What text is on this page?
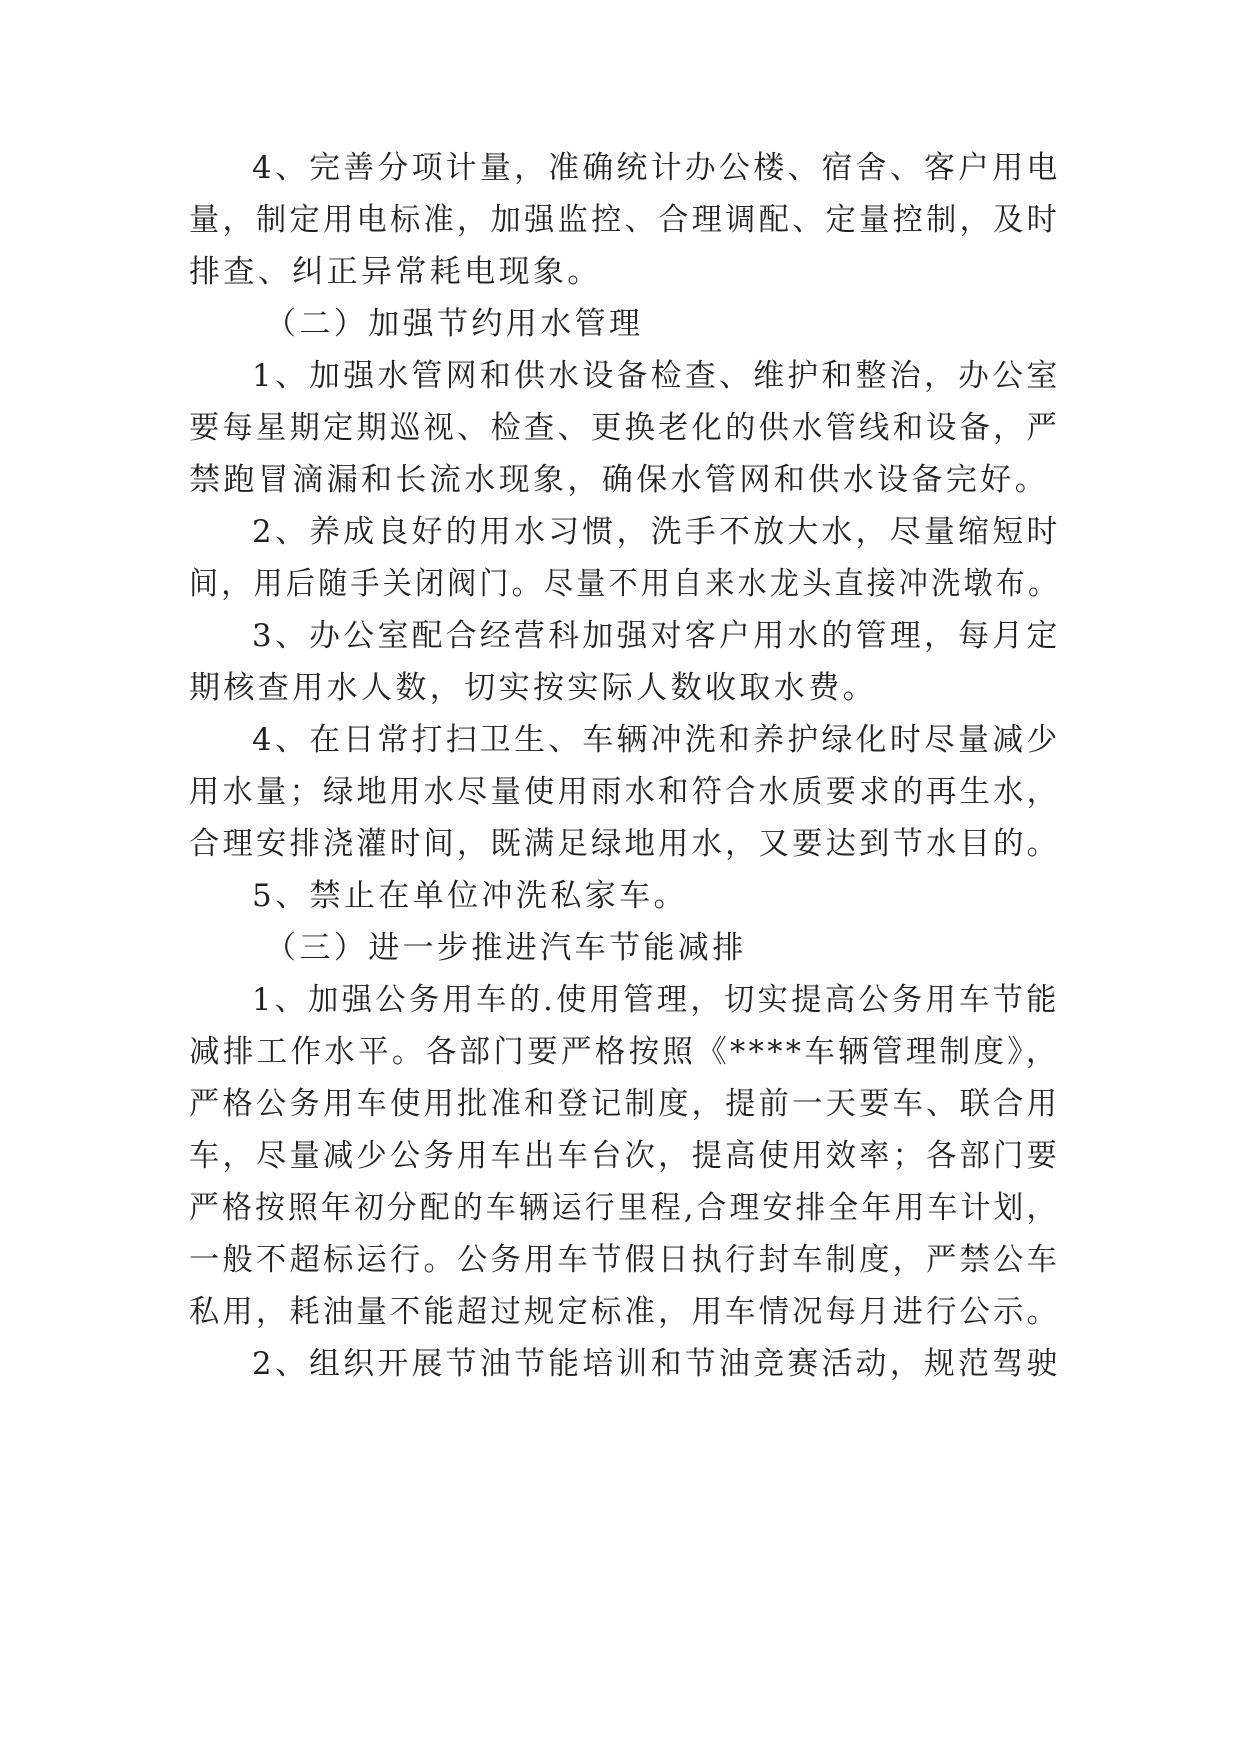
4、完善分项计量，准确统计办公楼、宿舍、客户用电

量，制定用电标准，加强监控、合理调配、定量控制，及时

排查、纠正异常耗电现象。

（二）加强节约用水管理

1、加强水管网和供水设备检查、维护和整治，办公室

要每星期定期巡视、检查、更换老化的供水管线和设备，严

禁跑冒滴漏和长流水现象，确保水管网和供水设备完好。

2、养成良好的用水习惯，洗手不放大水，尽量缩短时

间，用后随手关闭阀门。尽量不用自来水龙头直接冲洗墩布。

3、办公室配合经营科加强对客户用水的管理，每月定

期核查用水人数，切实按实际人数收取水费。

4、在日常打扫卫生、车辆冲洗和养护绿化时尽量减少

用水量；绿地用水尽量使用雨水和符合水质要求的再生水，

合理安排浇灌时间，既满足绿地用水，又要达到节水目的。

5、禁止在单位冲洗私家车。

（三）进一步推进汽车节能减排

1、加强公务用车的.使用管理，切实提高公务用车节能

减排工作水平。各部门要严格按照《****车辆管理制度》，

严格公务用车使用批准和登记制度，提前一天要车、联合用

车，尽量减少公务用车出车台次，提高使用效率；各部门要

严格按照年初分配的车辆运行里程,合理安排全年用车计划，

一般不超标运行。公务用车节假日执行封车制度，严禁公车

私用，耗油量不能超过规定标准，用车情况每月进行公示。

2、组织开展节油节能培训和节油竞赛活动，规范驾驶
